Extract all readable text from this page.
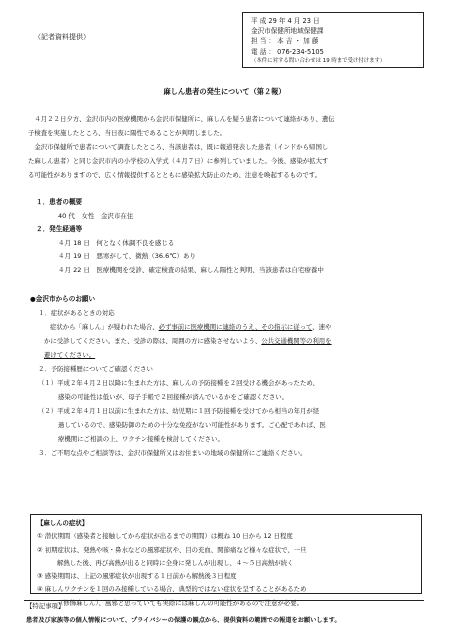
（記者資料提供）
平 成 29 年 4 月 23 日
金沢市保健所地域保健課
担 当 ： 本 吉 ・ 加 藤
電 話 ： 076-234-5105
（本件に対する問い合わせは 19 時まで受け付けます）
麻しん患者の発生について（第２報）

４月２２日夕方、金沢市内の医療機関から金沢市保健所に、麻しんを疑う患者について連絡があり、遺伝

子検査を実施したところ、当日夜に陽性であることが判明しました。

金沢市保健所で患者について調査したところ、当該患者は、既に報道発表した患者（インドから帰国し

た麻しん患者）と同じ金沢市内の小学校の入学式（４月７日）に参列していました。今後、感染が拡大す
る可能性がありますので、広く情報提供するとともに感染拡大防止のため、注意を喚起するものです。
１．患者の概要
40 代　女性　金沢市在住
２．発生経過等
４月 18 日　 何となく体調不良を感じる
４月 19 日　 悪寒がして、微熱（36.6℃）あり
４月 22 日　 医療機関を受診、確定検査の結果、麻しん陽性と判明、当該患者は自宅療養中
●金沢市からのお願い
１．症状があるときの対応
症状から「麻しん」が疑われた場合、必ず事前に医療機関に連絡のうえ、その指示に従って、速や
かに受診してください。また、受診の際は、周囲の方に感染させないよう、公共交通機関等の利用を
避けてください。
２．予防接種歴についてご確認ください
（１）平成２年４月２日以降に生まれた方は、麻しんの予防接種を２回受ける機会があったため、
感染の可能性は低いが、母子手帳で２回接種が済んでいるかをご確認ください。
（２）平成２年４月１日以前に生まれた方は、幼児期に１回予防接種を受けてから相当の年月が経
過しているので、感染防御のための十分な免疫がない可能性があります。ご心配であれば、医
療機関にご相談の上、ワクチン接種を検討してください。
３．ご不明な点やご相談等は、金沢市保健所又はお住まいの地域の保健所にご連絡ください。
【麻しんの症状】
① 潜伏期間（感染者と接触してから症状が出るまでの期間）は概ね 10 日から 12 日程度
② 初期症状は、発熱や咳・鼻水などの風邪症状や、目の充血、関節痛など様々な症状で、一旦
解熱した後、再び高熱が出ると同時に全身に発しんが出現し、４～５日高熱が続く
③ 感染期間は、上記の風邪症状が出現する１日前から解熱後３日程度
④ 麻しんワクチンを１回のみ接種している場合、典型的ではない症状を呈することがあるため
（修飾麻しん）、風邪と思っていても実際には麻しんの可能性があるので注意が必要。
【特記事項】
患者及び家族等の個人情報について、プライバシーの保護の観点から、提供資料の範囲での報道をお願いします。
